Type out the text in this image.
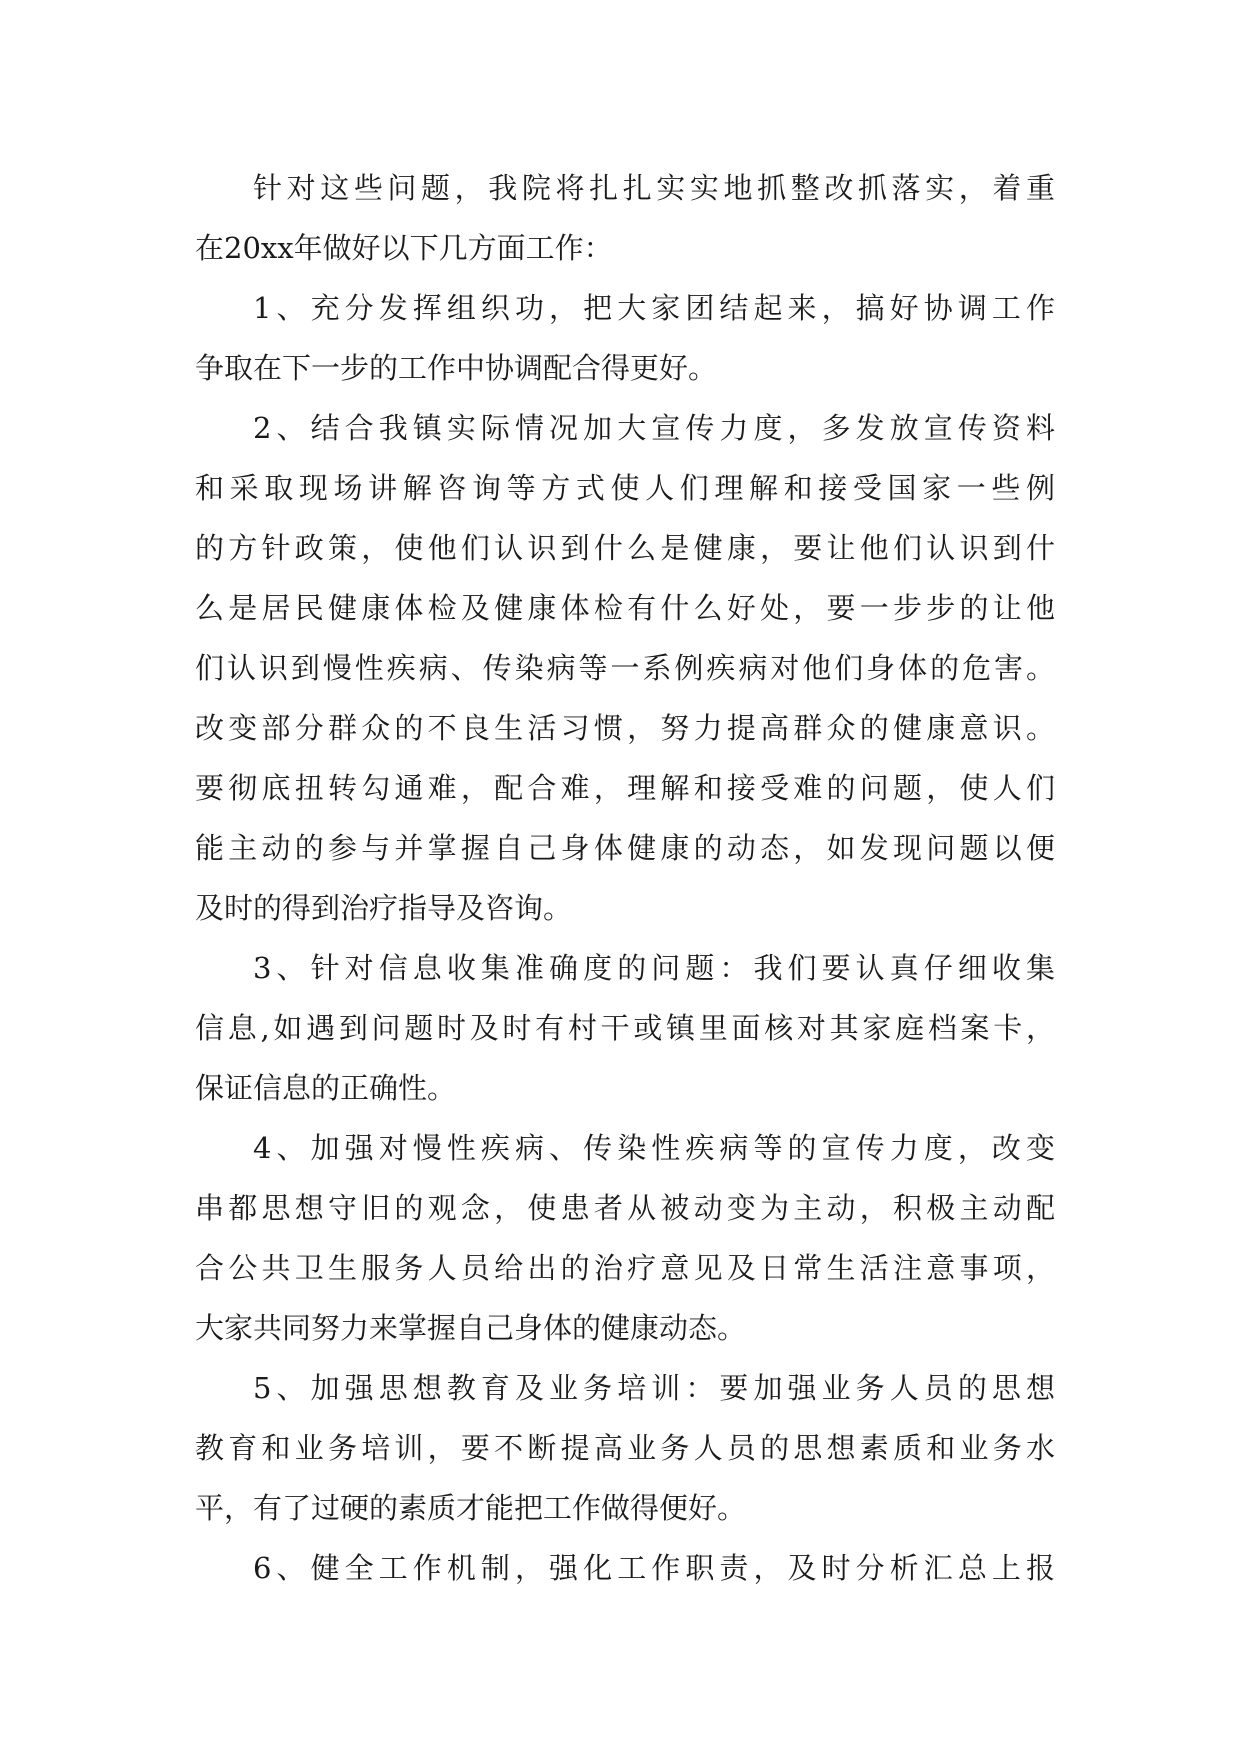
针对这些问题，我院将扎扎实实地抓整改抓落实，着重
在20xx年做好以下几方面工作：
1、充分发挥组织功，把大家团结起来，搞好协调工作
争取在下一步的工作中协调配合得更好。
2、结合我镇实际情况加大宣传力度，多发放宣传资料
和采取现场讲解咨询等方式使人们理解和接受国家一些例
的方针政策，使他们认识到什么是健康，要让他们认识到什
么是居民健康体检及健康体检有什么好处，要一步步的让他
们认识到慢性疾病、传染病等一系例疾病对他们身体的危害。
改变部分群众的不良生活习惯，努力提高群众的健康意识。
要彻底扭转勾通难，配合难，理解和接受难的问题，使人们
能主动的参与并掌握自己身体健康的动态，如发现问题以便
及时的得到治疗指导及咨询。
3、针对信息收集准确度的问题：我们要认真仔细收集
信息,如遇到问题时及时有村干或镇里面核对其家庭档案卡，
保证信息的正确性。
4、加强对慢性疾病、传染性疾病等的宣传力度，改变
串都思想守旧的观念，使患者从被动变为主动，积极主动配
合公共卫生服务人员给出的治疗意见及日常生活注意事项，
大家共同努力来掌握自己身体的健康动态。
5、加强思想教育及业务培训：要加强业务人员的思想
教育和业务培训，要不断提高业务人员的思想素质和业务水
平，有了过硬的素质才能把工作做得便好。
6、健全工作机制，强化工作职责，及时分析汇总上报
